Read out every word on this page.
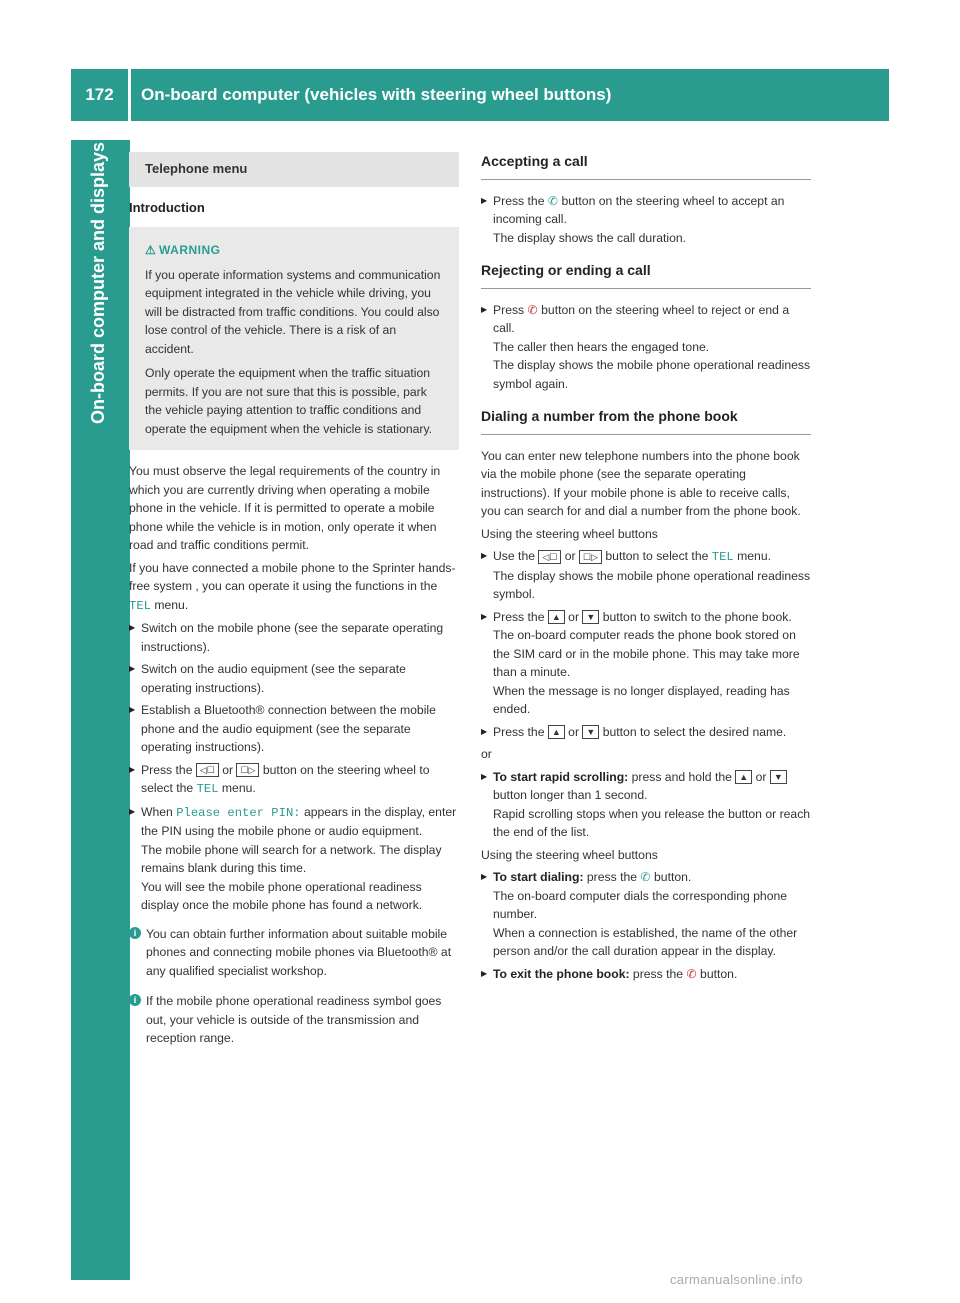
172	On-board computer (vehicles with steering wheel buttons)
On-board computer and displays	Telephone menu

Introduction

⚠ WARNING

If you operate information systems and communication equipment integrated in the vehicle while driving, you will be distracted from traffic conditions. You could also lose control of the vehicle. There is a risk of an accident.

Only operate the equipment when the traffic situation permits. If you are not sure that this is possible, park the vehicle paying attention to traffic conditions and operate the equipment when the vehicle is stationary.

You must observe the legal requirements of the country in which you are currently driving when operating a mobile phone in the vehicle. If it is permitted to operate a mobile phone while the vehicle is in motion, only operate it when road and traffic conditions permit.

If you have connected a mobile phone to the Sprinter hands-free system , you can operate it using the functions in the TEL menu.

▶ Switch on the mobile phone (see the separate operating instructions).
▶ Switch on the audio equipment (see the separate operating instructions).
▶ Establish a Bluetooth® connection between the mobile phone and the audio equipment (see the separate operating instructions).
▶ Press the ◁☐ or ☐▷ button on the steering wheel to select the TEL menu.
▶ When Please enter PIN: appears in the display, enter the PIN using the mobile phone or audio equipment.
The mobile phone will search for a network. The display remains blank during this time.
You will see the mobile phone operational readiness display once the mobile phone has found a network.
i You can obtain further information about suitable mobile phones and connecting mobile phones via Bluetooth® at any qualified specialist workshop.
i If the mobile phone operational readiness symbol goes out, your vehicle is outside of the transmission and reception range.
Accepting a call
▶ Press the ✆ button on the steering wheel to accept an incoming call.
The display shows the call duration.
Rejecting or ending a call
▶ Press ✆ button on the steering wheel to reject or end a call.
The caller then hears the engaged tone.
The display shows the mobile phone operational readiness symbol again.
Dialing a number from the phone book

You can enter new telephone numbers into the phone book via the mobile phone (see the separate operating instructions). If your mobile phone is able to receive calls, you can search for and dial a number from the phone book.

Using the steering wheel buttons

▶ Use the ◁☐ or ☐▷ button to select the TEL menu.
The display shows the mobile phone operational readiness symbol.
▶ Press the ▲ or ▼ button to switch to the phone book.
The on-board computer reads the phone book stored on the SIM card or in the mobile phone. This may take more than a minute.
When the message is no longer displayed, reading has ended.
▶ Press the ▲ or ▼ button to select the desired name.

or

▶ To start rapid scrolling: press and hold the ▲ or ▼ button longer than 1 second.
Rapid scrolling stops when you release the button or reach the end of the list.

Using the steering wheel buttons

▶ To start dialing: press the ✆ button.
The on-board computer dials the corresponding phone number.
When a connection is established, the name of the other person and/or the call duration appear in the display.
▶ To exit the phone book: press the ✆ button.
carmanualsonline.info
